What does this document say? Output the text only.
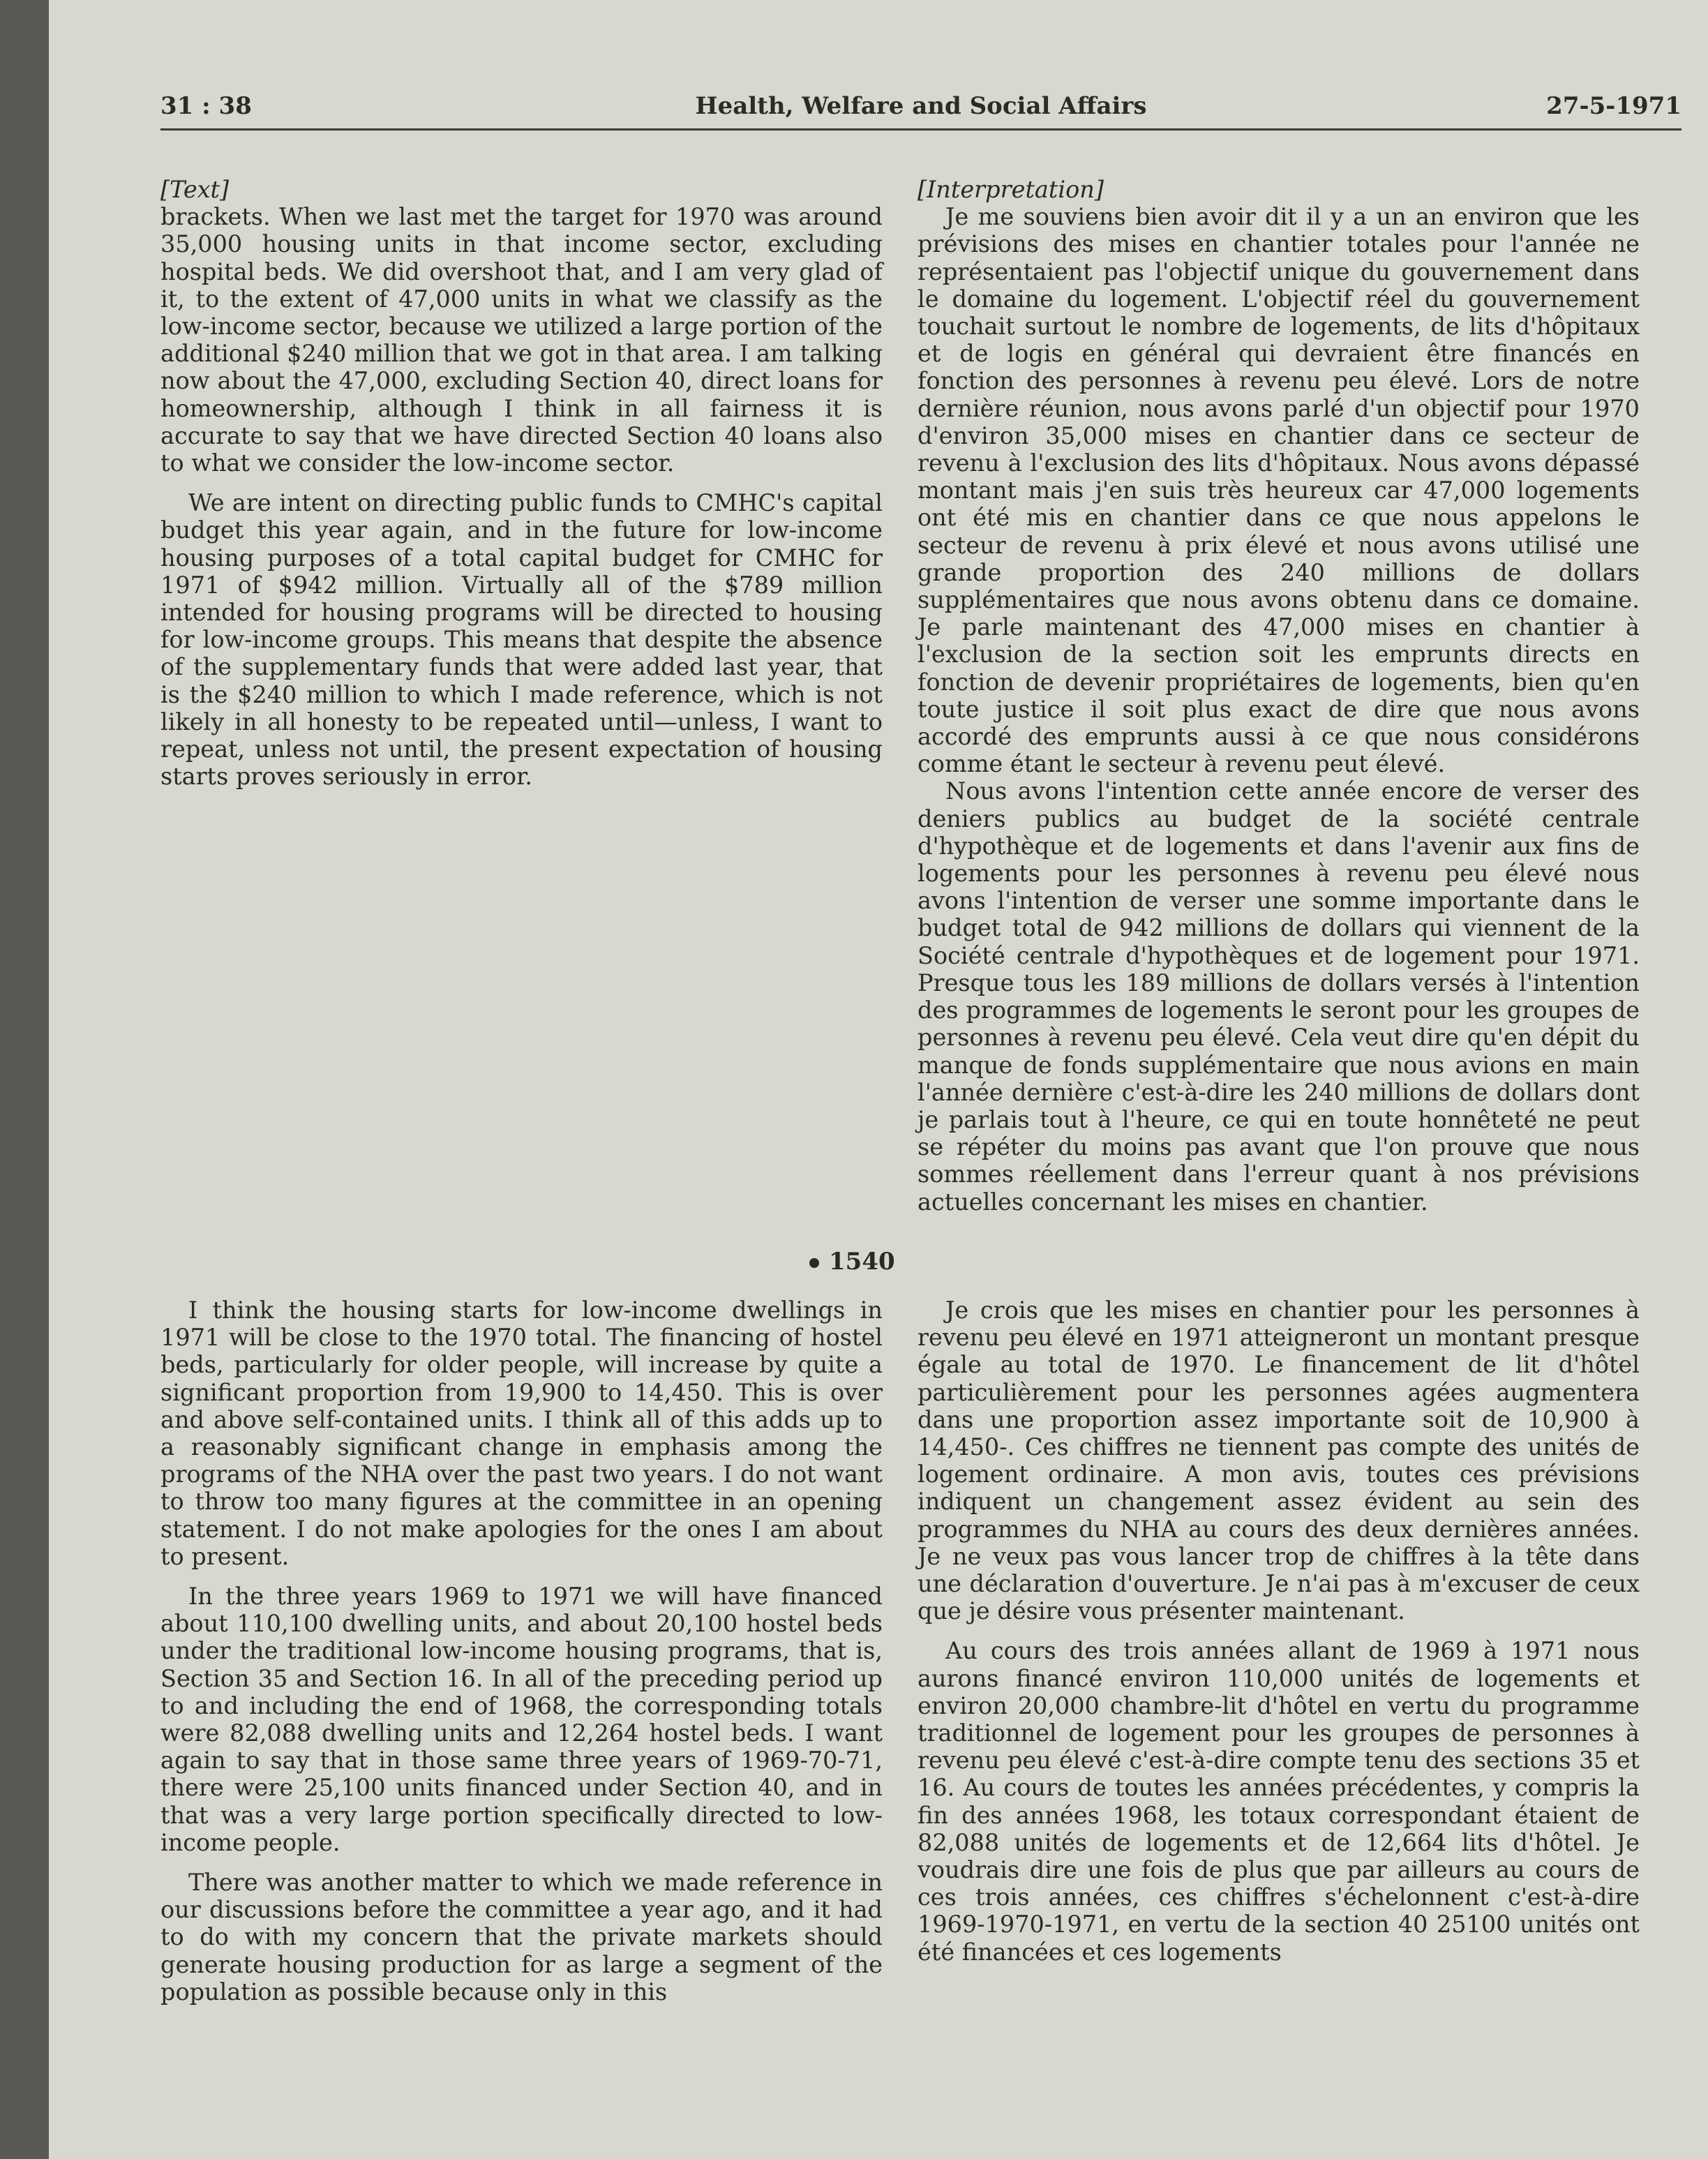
31 : 38	Health, Welfare and Social Affairs	27-5-1971

[Text]

brackets. When we last met the target for 1970 was around 35,000 housing units in that income sector, excluding hospital beds. We did overshoot that, and I am very glad of it, to the extent of 47,000 units in what we classify as the low-income sector, because we utilized a large portion of the additional $240 million that we got in that area. I am talking now about the 47,000, excluding Section 40, direct loans for homeownership, although I think in all fairness it is accurate to say that we have directed Section 40 loans also to what we consider the low-income sector.

We are intent on directing public funds to CMHC's capital budget this year again, and in the future for low-income housing purposes of a total capital budget for CMHC for 1971 of $942 million. Virtually all of the $789 million intended for housing programs will be directed to housing for low-income groups. This means that despite the absence of the supplementary funds that were added last year, that is the $240 million to which I made reference, which is not likely in all honesty to be repeated until—unless, I want to repeat, unless not until, the present expectation of housing starts proves seriously in error.

1540

I think the housing starts for low-income dwellings in 1971 will be close to the 1970 total. The financing of hostel beds, particularly for older people, will increase by quite a significant proportion from 19,900 to 14,450. This is over and above self-contained units. I think all of this adds up to a reasonably significant change in emphasis among the programs of the NHA over the past two years. I do not want to throw too many figures at the committee in an opening statement. I do not make apologies for the ones I am about to present.

In the three years 1969 to 1971 we will have financed about 110,100 dwelling units, and about 20,100 hostel beds under the traditional low-income housing programs, that is, Section 35 and Section 16. In all of the preceding period up to and including the end of 1968, the corresponding totals were 82,088 dwelling units and 12,264 hostel beds. I want again to say that in those same three years of 1969-70-71, there were 25,100 units financed under Section 40, and in that was a very large portion specifically directed to low-income people.

There was another matter to which we made reference in our discussions before the committee a year ago, and it had to do with my concern that the private markets should generate housing production for as large a segment of the population as possible because only in this

[Interpretation]

Je me souviens bien avoir dit il y a un an environ que les prévisions des mises en chantier totales pour l'année ne représentaient pas l'objectif unique du gouvernement dans le domaine du logement. L'objectif réel du gouvernement touchait surtout le nombre de logements, de lits d'hôpitaux et de logis en général qui devraient être financés en fonction des personnes à revenu peu élevé. Lors de notre dernière réunion, nous avons parlé d'un objectif pour 1970 d'environ 35,000 mises en chantier dans ce secteur de revenu à l'exclusion des lits d'hôpitaux. Nous avons dépassé montant mais j'en suis très heureux car 47,000 logements ont été mis en chantier dans ce que nous appelons le secteur de revenu à prix élevé et nous avons utilisé une grande proportion des 240 millions de dollars supplémentaires que nous avons obtenu dans ce domaine. Je parle maintenant des 47,000 mises en chantier à l'exclusion de la section soit les emprunts directs en fonction de devenir propriétaires de logements, bien qu'en toute justice il soit plus exact de dire que nous avons accordé des emprunts aussi à ce que nous considérons comme étant le secteur à revenu peut élevé.

Nous avons l'intention cette année encore de verser des deniers publics au budget de la société centrale d'hypothèque et de logements et dans l'avenir aux fins de logements pour les personnes à revenu peu élevé nous avons l'intention de verser une somme importante dans le budget total de 942 millions de dollars qui viennent de la Société centrale d'hypothèques et de logement pour 1971. Presque tous les 189 millions de dollars versés à l'intention des programmes de logements le seront pour les groupes de personnes à revenu peu élevé. Cela veut dire qu'en dépit du manque de fonds supplémentaire que nous avions en main l'année dernière c'est-à-dire les 240 millions de dollars dont je parlais tout à l'heure, ce qui en toute honnêteté ne peut se répéter du moins pas avant que l'on prouve que nous sommes réellement dans l'erreur quant à nos prévisions actuelles concernant les mises en chantier.

Je crois que les mises en chantier pour les personnes à revenu peu élevé en 1971 atteigneront un montant presque égale au total de 1970. Le financement de lit d'hôtel particulièrement pour les personnes agées augmentera dans une proportion assez importante soit de 10,900 à 14,450-. Ces chiffres ne tiennent pas compte des unités de logement ordinaire. A mon avis, toutes ces prévisions indiquent un changement assez évident au sein des programmes du NHA au cours des deux dernières années. Je ne veux pas vous lancer trop de chiffres à la tête dans une déclaration d'ouverture. Je n'ai pas à m'excuser de ceux que je désire vous présenter maintenant.

Au cours des trois années allant de 1969 à 1971 nous aurons financé environ 110,000 unités de logements et environ 20,000 chambre-lit d'hôtel en vertu du programme traditionnel de logement pour les groupes de personnes à revenu peu élevé c'est-à-dire compte tenu des sections 35 et 16. Au cours de toutes les années précédentes, y compris la fin des années 1968, les totaux correspondant étaient de 82,088 unités de logements et de 12,664 lits d'hôtel. Je voudrais dire une fois de plus que par ailleurs au cours de ces trois années, ces chiffres s'échelonnent c'est-à-dire 1969-1970-1971, en vertu de la section 40 25100 unités ont été financées et ces logements
